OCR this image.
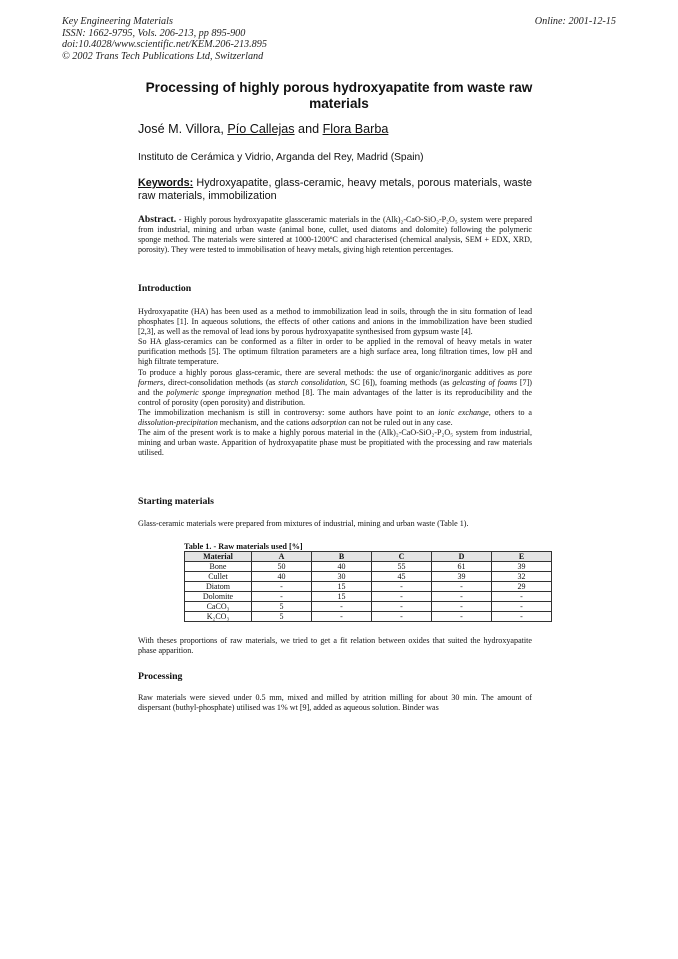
Key Engineering Materials
ISSN: 1662-9795, Vols. 206-213, pp 895-900
doi:10.4028/www.scientific.net/KEM.206-213.895
© 2002 Trans Tech Publications Ltd, Switzerland
Online: 2001-12-15
Processing of highly porous hydroxyapatite from waste raw materials
José M. Villora, Pío Callejas and Flora Barba
Instituto de Cerámica y Vidrio, Arganda del Rey, Madrid (Spain)
Keywords: Hydroxyapatite, glass-ceramic, heavy metals, porous materials, waste raw materials, immobilization

Abstract. - Highly porous hydroxyapatite glassceramic materials in the (Alk)₂-CaO-SiO₂-P₂O₅ system were prepared from industrial, mining and urban waste (animal bone, cullet, used diatoms and dolomite) following the polymeric sponge method. The materials were sintered at 1000-1200ºC and characterised (chemical analysis, SEM + EDX, XRD, porosity). They were tested to immobilisation of heavy metals, giving high retention percentages.

Introduction

Hydroxyapatite (HA) has been used as a method to immobilization lead in soils, through the in situ formation of lead phosphates [1]. In aqueous solutions, the effects of other cations and anions in the immobilization have been studied [2,3], as well as the removal of lead ions by porous hydroxyapatite synthesised from gypsum waste [4].

So HA glass-ceramics can be conformed as a filter in order to be applied in the removal of heavy metals in water purification methods [5]. The optimum filtration parameters are a high surface area, long filtration times, low pH and high filtrate temperature.

To produce a highly porous glass-ceramic, there are several methods: the use of organic/inorganic additives as pore formers, direct-consolidation methods (as starch consolidation, SC [6]), foaming methods (as gelcasting of foams [7]) and the polymeric sponge impregnation method [8]. The main advantages of the latter is its reproducibility and the control of porosity (open porosity) and distribution.

The immobilization mechanism is still in controversy: some authors have point to an ionic exchange, others to a dissolution-precipitation mechanism, and the cations adsorption can not be ruled out in any case.

The aim of the present work is to make a highly porous material in the (Alk)₂-CaO-SiO₂-P₂O₅ system from industrial, mining and urban waste. Apparition of hydroxyapatite phase must be propitiated with the processing and raw materials utilised.

Starting materials

Glass-ceramic materials were prepared from mixtures of industrial, mining and urban waste (Table 1).

Table 1. - Raw materials used [%]
Material	A	B	C	D	E
Bone	50	40	55	61	39
Cullet	40	30	45	39	32
Diatom	-	15	-	-	29
Dolomite	-	15	-	-	-
CaCO₃	5	-	-	-	-
K₂CO₃	5	-	-	-	-

With theses proportions of raw materials, we tried to get a fit relation between oxides that suited the hydroxyapatite phase apparition.

Processing

Raw materials were sieved under 0.5 mm, mixed and milled by atrition milling for about 30 min. The amount of dispersant (buthyl-phosphate) utilised was 1% wt [9], added as aqueous solution. Binder was
